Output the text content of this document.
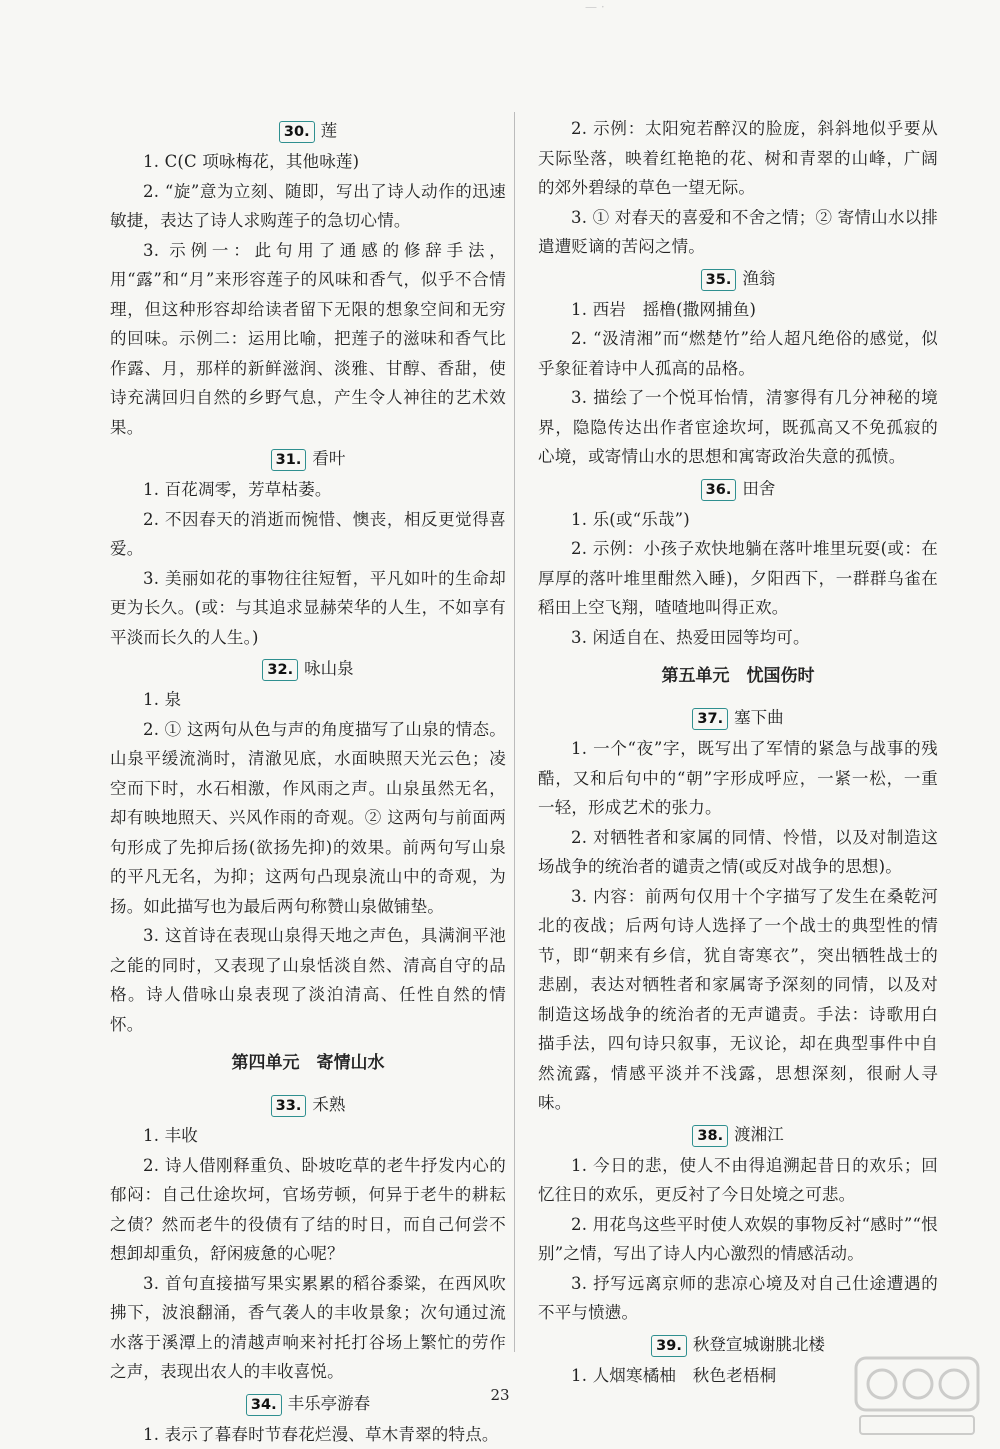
— ·
30. 莲

1. C(C 项咏梅花，其他咏莲)

2. “旋”意为立刻、随即，写出了诗人动作的迅速敏捷，表达了诗人求购莲子的急切心情。

3. 示例一：此句用了通感的修辞手法，用“露”和“月”来形容莲子的风味和香气，似乎不合情理，但这种形容却给读者留下无限的想象空间和无穷的回味。示例二：运用比喻，把莲子的滋味和香气比作露、月，那样的新鲜滋润、淡雅、甘醇、香甜，使诗充满回归自然的乡野气息，产生令人神往的艺术效果。

31. 看叶

1. 百花凋零，芳草枯萎。

2. 不因春天的消逝而惋惜、懊丧，相反更觉得喜爱。

3. 美丽如花的事物往往短暂，平凡如叶的生命却更为长久。(或：与其追求显赫荣华的人生，不如享有平淡而长久的人生。)

32. 咏山泉

1. 泉

2. ① 这两句从色与声的角度描写了山泉的情态。山泉平缓流淌时，清澈见底，水面映照天光云色；凌空而下时，水石相激，作风雨之声。山泉虽然无名，却有映地照天、兴风作雨的奇观。② 这两句与前面两句形成了先抑后扬(欲扬先抑)的效果。前两句写山泉的平凡无名，为抑；这两句凸现泉流山中的奇观，为扬。如此描写也为最后两句称赞山泉做铺垫。

3. 这首诗在表现山泉得天地之声色，具满涧平池之能的同时，又表现了山泉恬淡自然、清高自守的品格。诗人借咏山泉表现了淡泊清高、任性自然的情怀。

第四单元　寄情山水
33. 禾熟

1. 丰收

2. 诗人借刚释重负、卧坡吃草的老牛抒发内心的郁闷：自己仕途坎坷，官场劳顿，何异于老牛的耕耘之债？然而老牛的役债有了结的时日，而自己何尝不想卸却重负，舒闲疲惫的心呢？

3. 首句直接描写果实累累的稻谷黍粱，在西风吹拂下，波浪翻涌，香气袭人的丰收景象；次句通过流水落于溪潭上的清越声响来衬托打谷场上繁忙的劳作之声，表现出农人的丰收喜悦。

34. 丰乐亭游春

1. 表示了暮春时节春花烂漫、草木青翠的特点。

2. 示例：太阳宛若醉汉的脸庞，斜斜地似乎要从天际坠落，映着红艳艳的花、树和青翠的山峰，广阔的郊外碧绿的草色一望无际。

3. ① 对春天的喜爱和不舍之情；② 寄情山水以排遣遭贬谪的苦闷之情。

35. 渔翁

1. 西岩　摇橹(撒网捕鱼)

2. “汲清湘”而“燃楚竹”给人超凡绝俗的感觉，似乎象征着诗中人孤高的品格。

3. 描绘了一个悦耳怡情，清寥得有几分神秘的境界，隐隐传达出作者宦途坎坷，既孤高又不免孤寂的心境，或寄情山水的思想和寓寄政治失意的孤愤。

36. 田舍

1. 乐(或“乐哉”)

2. 示例：小孩子欢快地躺在落叶堆里玩耍(或：在厚厚的落叶堆里酣然入睡)，夕阳西下，一群群乌雀在稻田上空飞翔，喳喳地叫得正欢。

3. 闲适自在、热爱田园等均可。

第五单元　忧国伤时
37. 塞下曲

1. 一个“夜”字，既写出了军情的紧急与战事的残酷，又和后句中的“朝”字形成呼应，一紧一松，一重一轻，形成艺术的张力。

2. 对牺牲者和家属的同情、怜惜，以及对制造这场战争的统治者的谴责之情(或反对战争的思想)。

3. 内容：前两句仅用十个字描写了发生在桑乾河北的夜战；后两句诗人选择了一个战士的典型性的情节，即“朝来有乡信，犹自寄寒衣”，突出牺牲战士的悲剧，表达对牺牲者和家属寄予深刻的同情，以及对制造这场战争的统治者的无声谴责。手法：诗歌用白描手法，四句诗只叙事，无议论，却在典型事件中自然流露，情感平淡并不浅露，思想深刻，很耐人寻味。

38. 渡湘江

1. 今日的悲，使人不由得追溯起昔日的欢乐；回忆往日的欢乐，更反衬了今日处境之可悲。

2. 用花鸟这些平时使人欢娱的事物反衬“感时”“恨别”之情，写出了诗人内心激烈的情感活动。

3. 抒写远离京师的悲凉心境及对自己仕途遭遇的不平与愤懑。

39. 秋登宣城谢朓北楼

1. 人烟寒橘柚　秋色老梧桐

23
